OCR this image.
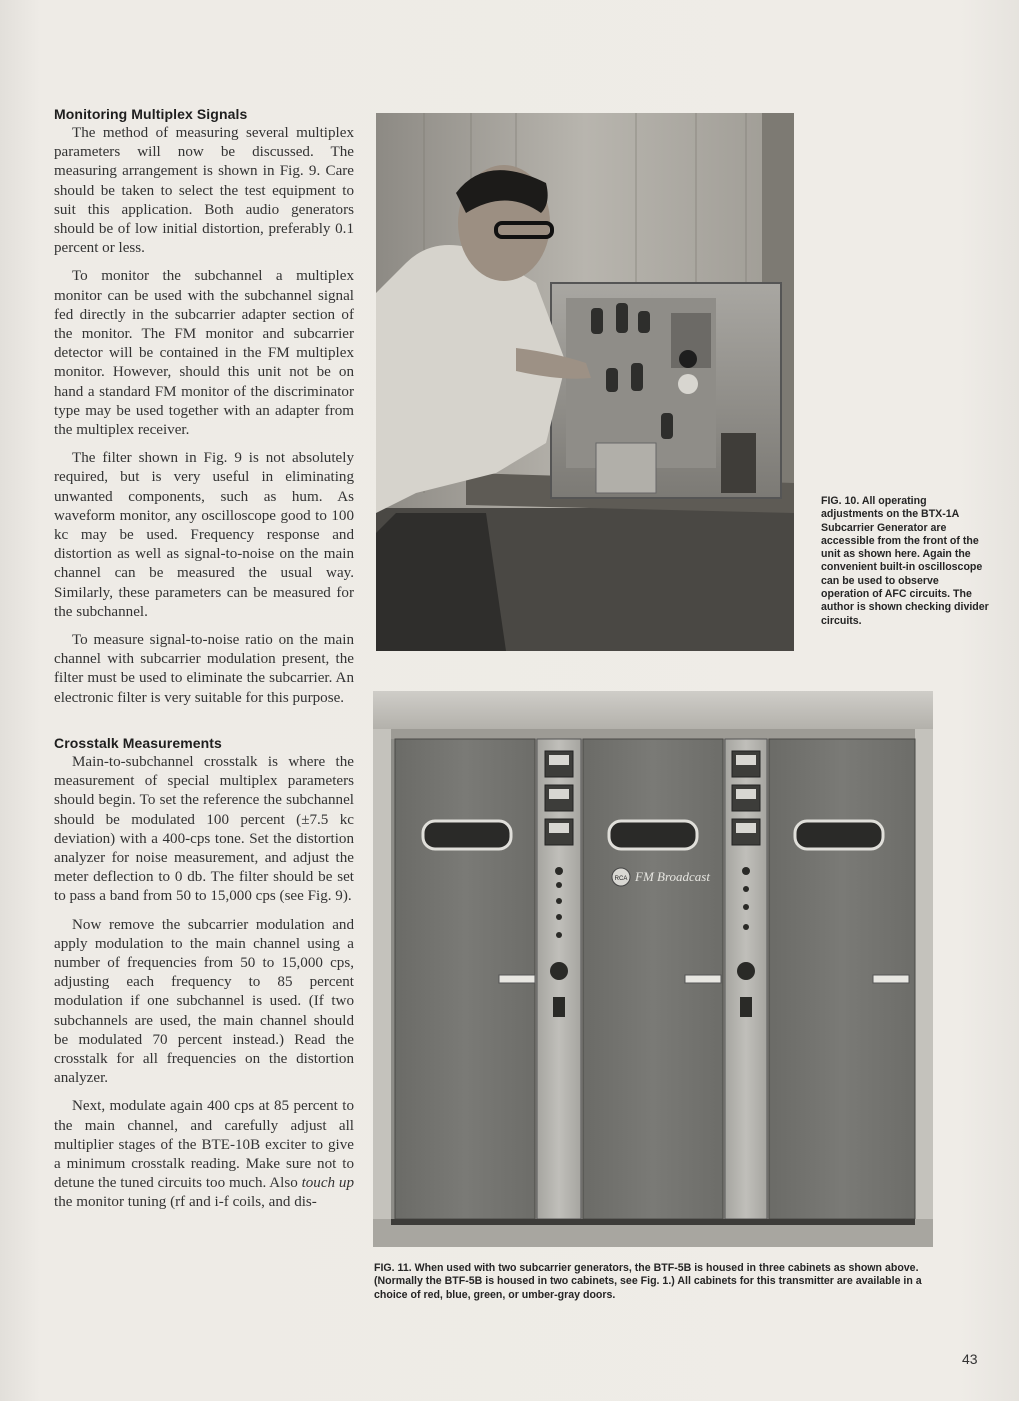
Monitoring Multiplex Signals

The method of measuring several multiplex parameters will now be discussed. The measuring arrangement is shown in Fig. 9. Care should be taken to select the test equipment to suit this application. Both audio generators should be of low initial distortion, preferably 0.1 percent or less.

To monitor the subchannel a multiplex monitor can be used with the subchannel signal fed directly in the subcarrier adapter section of the monitor. The FM monitor and subcarrier detector will be contained in the FM multiplex monitor. However, should this unit not be on hand a standard FM monitor of the discriminator type may be used together with an adapter from the multiplex receiver.

The filter shown in Fig. 9 is not absolutely required, but is very useful in eliminating unwanted components, such as hum. As waveform monitor, any oscilloscope good to 100 kc may be used. Frequency response and distortion as well as signal-to-noise on the main channel can be measured the usual way. Similarly, these parameters can be measured for the subchannel.

To measure signal-to-noise ratio on the main channel with subcarrier modulation present, the filter must be used to eliminate the subcarrier. An electronic filter is very suitable for this purpose.

Crosstalk Measurements

Main-to-subchannel crosstalk is where the measurement of special multiplex parameters should begin. To set the reference the subchannel should be modulated 100 percent (±7.5 kc deviation) with a 400-cps tone. Set the distortion analyzer for noise measurement, and adjust the meter deflection to 0 db. The filter should be set to pass a band from 50 to 15,000 cps (see Fig. 9).

Now remove the subcarrier modulation and apply modulation to the main channel using a number of frequencies from 50 to 15,000 cps, adjusting each frequency to 85 percent modulation if one subchannel is used. (If two subchannels are used, the main channel should be modulated 70 percent instead.) Read the crosstalk for all frequencies on the distortion analyzer.

Next, modulate again 400 cps at 85 percent to the main channel, and carefully adjust all multiplier stages of the BTE-10B exciter to give a minimum crosstalk reading. Make sure not to detune the tuned circuits too much. Also touch up the monitor tuning (rf and i-f coils, and dis-

FIG. 10. All operating adjustments on the BTX-1A Subcarrier Generator are accessible from the front of the unit as shown here. Again the convenient built-in oscilloscope can be used to observe operation of AFC circuits. The author is shown checking divider circuits.
RCA FM Broadcast
FIG. 11. When used with two subcarrier generators, the BTF-5B is housed in three cabinets as shown above. (Normally the BTF-5B is housed in two cabinets, see Fig. 1.) All cabinets for this transmitter are available in a choice of red, blue, green, or umber-gray doors.
43
